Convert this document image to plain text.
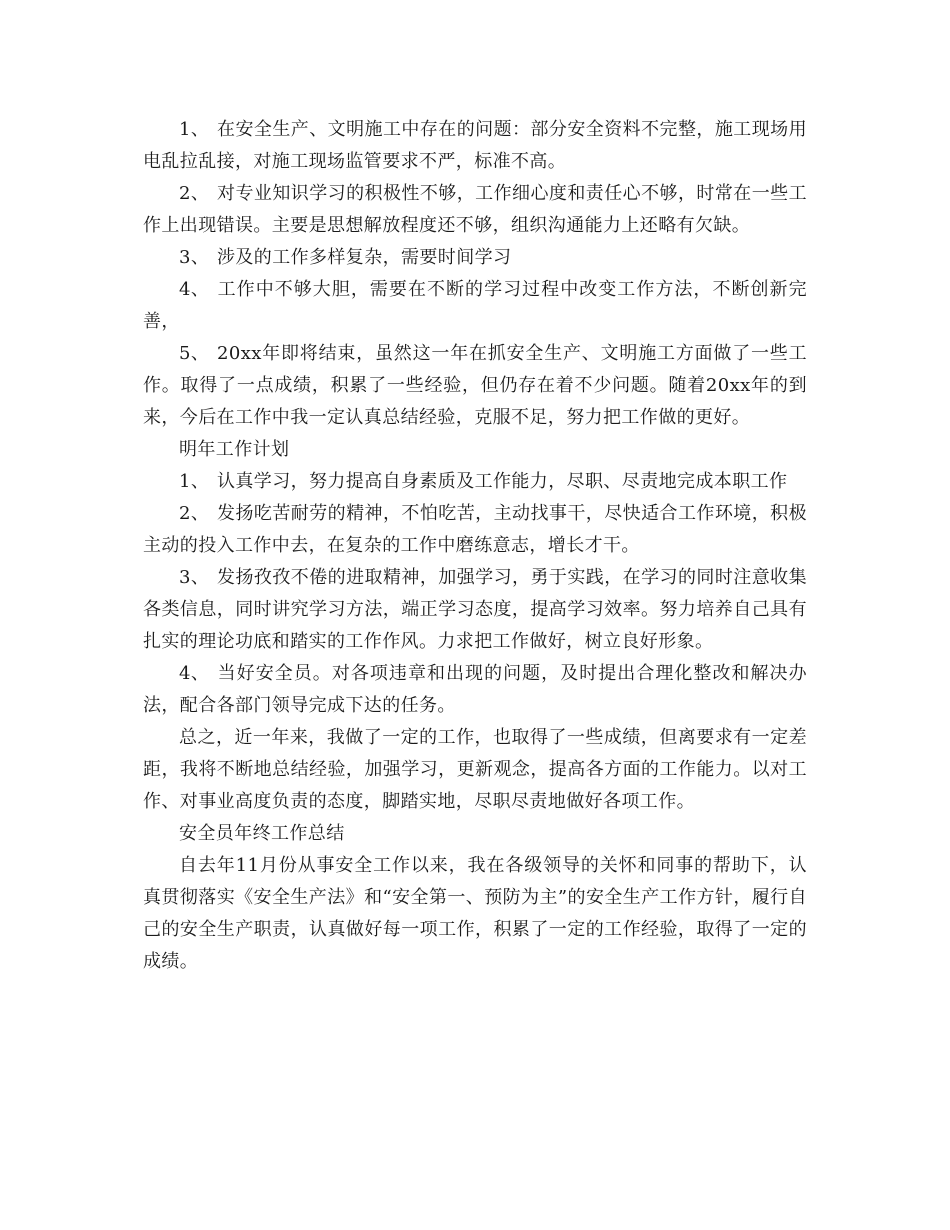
1、 在安全生产、文明施工中存在的问题：部分安全资料不完整，施工现场用电乱拉乱接，对施工现场监管要求不严，标准不高。

2、 对专业知识学习的积极性不够，工作细心度和责任心不够，时常在一些工作上出现错误。主要是思想解放程度还不够，组织沟通能力上还略有欠缺。

3、 涉及的工作多样复杂，需要时间学习

4、 工作中不够大胆，需要在不断的学习过程中改变工作方法，不断创新完善，

5、 20xx年即将结束，虽然这一年在抓安全生产、文明施工方面做了一些工作。取得了一点成绩，积累了一些经验，但仍存在着不少问题。随着20xx年的到来，今后在工作中我一定认真总结经验，克服不足，努力把工作做的更好。

明年工作计划

1、 认真学习，努力提高自身素质及工作能力，尽职、尽责地完成本职工作

2、 发扬吃苦耐劳的精神，不怕吃苦，主动找事干，尽快适合工作环境，积极主动的投入工作中去，在复杂的工作中磨练意志，增长才干。

3、 发扬孜孜不倦的进取精神，加强学习，勇于实践，在学习的同时注意收集各类信息，同时讲究学习方法，端正学习态度，提高学习效率。努力培养自己具有扎实的理论功底和踏实的工作作风。力求把工作做好，树立良好形象。

4、 当好安全员。对各项违章和出现的问题，及时提出合理化整改和解决办法，配合各部门领导完成下达的任务。

总之，近一年来，我做了一定的工作，也取得了一些成绩，但离要求有一定差距，我将不断地总结经验，加强学习，更新观念，提高各方面的工作能力。以对工作、对事业高度负责的态度，脚踏实地，尽职尽责地做好各项工作。

安全员年终工作总结

自去年11月份从事安全工作以来，我在各级领导的关怀和同事的帮助下，认真贯彻落实《安全生产法》和“安全第一、预防为主”的安全生产工作方针，履行自己的安全生产职责，认真做好每一项工作，积累了一定的工作经验，取得了一定的成绩。
